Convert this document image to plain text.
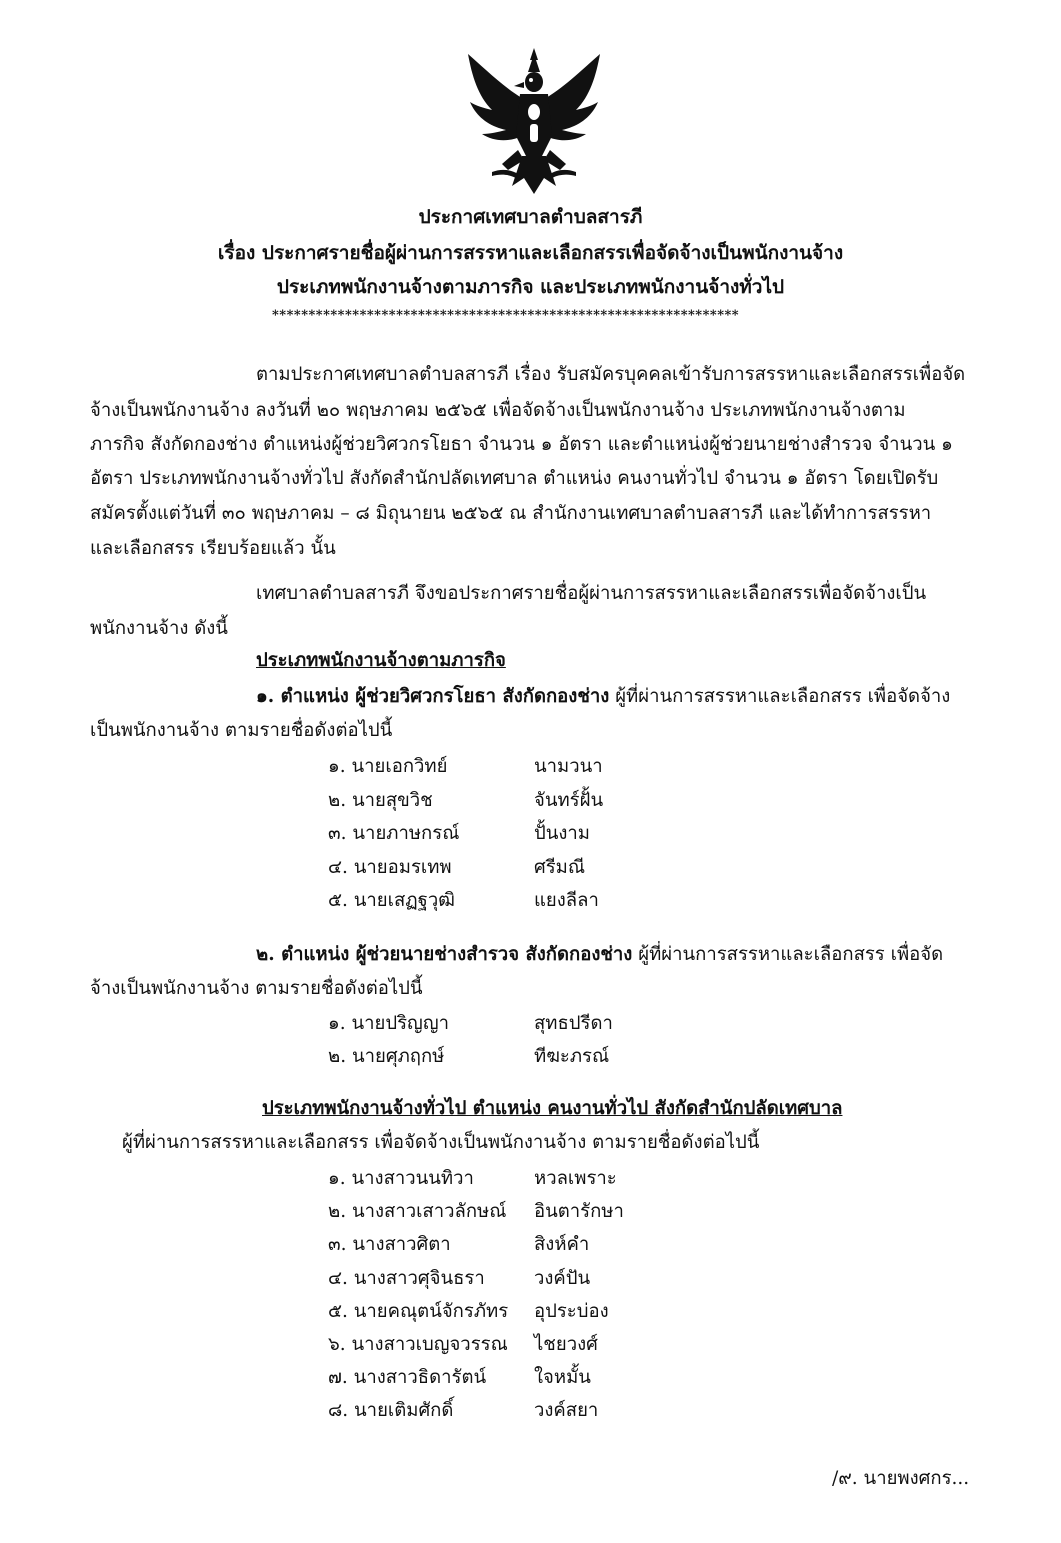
ประกาศเทศบาลตำบลสารภี
เรื่อง ประกาศรายชื่อผู้ผ่านการสรรหาและเลือกสรรเพื่อจัดจ้างเป็นพนักงานจ้าง
ประเภทพนักงานจ้างตามภารกิจ และประเภทพนักงานจ้างทั่วไป
****************************************************************
ตามประกาศเทศบาลตำบลสารภี เรื่อง รับสมัครบุคคลเข้ารับการสรรหาและเลือกสรรเพื่อจัด
จ้างเป็นพนักงานจ้าง ลงวันที่ ๒๐ พฤษภาคม ๒๕๖๕ เพื่อจัดจ้างเป็นพนักงานจ้าง ประเภทพนักงานจ้างตาม
ภารกิจ สังกัดกองช่าง ตำแหน่งผู้ช่วยวิศวกรโยธา จำนวน ๑ อัตรา และตำแหน่งผู้ช่วยนายช่างสำรวจ จำนวน ๑
อัตรา ประเภทพนักงานจ้างทั่วไป สังกัดสำนักปลัดเทศบาล ตำแหน่ง คนงานทั่วไป จำนวน ๑ อัตรา โดยเปิดรับ
สมัครตั้งแต่วันที่ ๓๐ พฤษภาคม – ๘ มิถุนายน ๒๕๖๕ ณ สำนักงานเทศบาลตำบลสารภี และได้ทำการสรรหา
และเลือกสรร เรียบร้อยแล้ว นั้น
เทศบาลตำบลสารภี จึงขอประกาศรายชื่อผู้ผ่านการสรรหาและเลือกสรรเพื่อจัดจ้างเป็น
พนักงานจ้าง ดังนี้
ประเภทพนักงานจ้างตามภารกิจ
๑. ตำแหน่ง ผู้ช่วยวิศวกรโยธา สังกัดกองช่าง ผู้ที่ผ่านการสรรหาและเลือกสรร เพื่อจัดจ้าง
เป็นพนักงานจ้าง ตามรายชื่อดังต่อไปนี้
๑. นายเอกวิทย์	นามวนา
๒. นายสุขวิช	จันทร์ฝั้น
๓. นายภาษกรณ์	ปั้นงาม
๔. นายอมรเทพ	ศรีมณี
๕. นายเสฏฐวุฒิ	แยงลีลา
๒. ตำแหน่ง ผู้ช่วยนายช่างสำรวจ สังกัดกองช่าง ผู้ที่ผ่านการสรรหาและเลือกสรร เพื่อจัด
จ้างเป็นพนักงานจ้าง ตามรายชื่อดังต่อไปนี้
๑. นายปริญญา	สุทธปรีดา
๒. นายศุภฤกษ์	ทีฆะภรณ์
ประเภทพนักงานจ้างทั่วไป ตำแหน่ง คนงานทั่วไป สังกัดสำนักปลัดเทศบาล
ผู้ที่ผ่านการสรรหาและเลือกสรร เพื่อจัดจ้างเป็นพนักงานจ้าง ตามรายชื่อดังต่อไปนี้
๑. นางสาวนนทิวา	หวลเพราะ
๒. นางสาวเสาวลักษณ์ อินตารักษา
๓. นางสาวศิตา	สิงห์คำ
๔. นางสาวศุจินธรา	วงค์ปัน
๕. นายคณุตน์จักรภัทร อุประบ่อง
๖. นางสาวเบญจวรรณ ไชยวงศ์
๗. นางสาวธิดารัตน์	ใจหมั้น
๘. นายเติมศักดิ์	วงค์สยา
/๙. นายพงศกร...
